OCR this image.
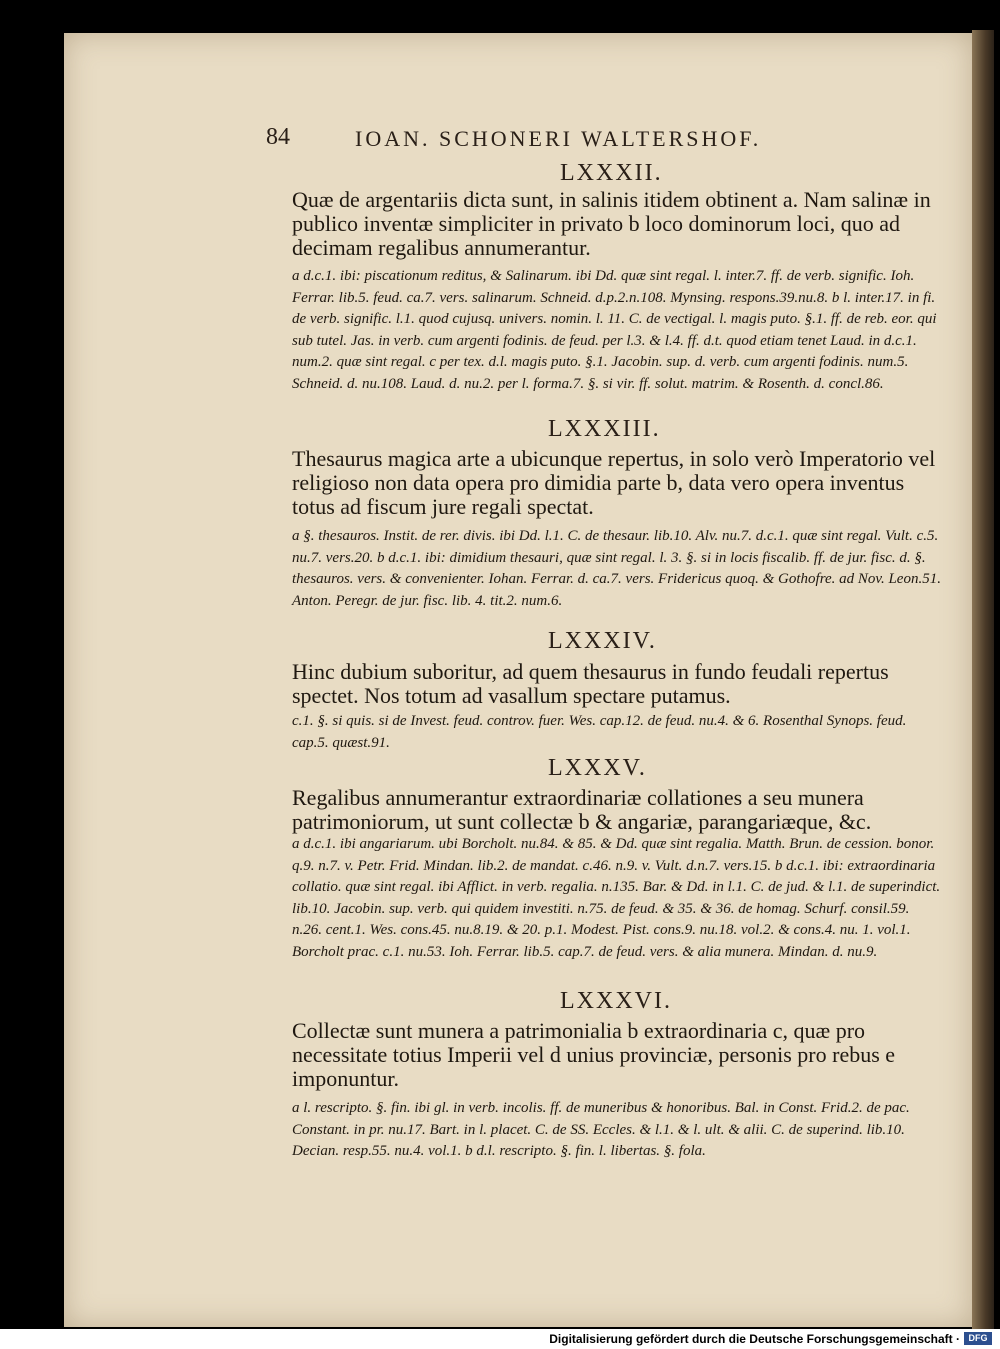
84	IOAN. SCHONERI WALTERSHOF.
LXXXII.
Quæ de argentariis dicta sunt, in salinis itidem obtinent a. Nam salinæ in publico inventæ simpliciter in privato b loco dominorum loci, quo ad decimam regalibus annumerantur.
a d.c.1. ibi: piscationum reditus, & Salinarum. ibi Dd. quæ sint regal. l. inter.7. ff. de verb. signific. Ioh. Ferrar. lib.5. feud. ca.7. vers. salinarum. Schneid. d.p.2.n.108. Mynsing. respons.39.nu.8. b l. inter.17. in fi. de verb. signific. l.1. quod cujusq. univers. nomin. l. 11. C. de vectigal. l. magis puto. §.1. ff. de reb. eor. qui sub tutel. Jas. in verb. cum argenti fodinis. de feud. per l.3. & l.4. ff. d.t. quod etiam tenet Laud. in d.c.1. num.2. quæ sint regal. c per tex. d.l. magis puto. §.1. Jacobin. sup. d. verb. cum argenti fodinis. num.5. Schneid. d. nu.108. Laud. d. nu.2. per l. forma.7. §. si vir. ff. solut. matrim. & Rosenth. d. concl.86.
LXXXIII.
Thesaurus magica arte a ubicunque repertus, in solo verò Imperatorio vel religioso non data opera pro dimidia parte b, data vero opera inventus totus ad fiscum jure regali spectat.
a §. thesauros. Instit. de rer. divis. ibi Dd. l.1. C. de thesaur. lib.10. Alv. nu.7. d.c.1. quæ sint regal. Vult. c.5. nu.7. vers.20. b d.c.1. ibi: dimidium thesauri, quæ sint regal. l. 3. §. si in locis fiscalib. ff. de jur. fisc. d. §. thesauros. vers. & convenienter. Iohan. Ferrar. d. ca.7. vers. Fridericus quoq. & Gothofre. ad Nov. Leon.51. Anton. Peregr. de jur. fisc. lib. 4. tit.2. num.6.
LXXXIV.
Hinc dubium suboritur, ad quem thesaurus in fundo feudali repertus spectet. Nos totum ad vasallum spectare putamus.
c.1. §. si quis. si de Invest. feud. controv. fuer. Wes. cap.12. de feud. nu.4. & 6. Rosenthal Synops. feud. cap.5. quæst.91.
LXXXV.
Regalibus annumerantur extraordinariæ collationes a seu munera patrimoniorum, ut sunt collectæ b & angariæ, parangariæque, &c.
a d.c.1. ibi angariarum. ubi Borcholt. nu.84. & 85. & Dd. quæ sint regalia. Matth. Brun. de cession. bonor. q.9. n.7. v. Petr. Frid. Mindan. lib.2. de mandat. c.46. n.9. v. Vult. d.n.7. vers.15. b d.c.1. ibi: extraordinaria collatio. quæ sint regal. ibi Afflict. in verb. regalia. n.135. Bar. & Dd. in l.1. C. de jud. & l.1. de superindict. lib.10. Jacobin. sup. verb. qui quidem investiti. n.75. de feud. & 35. & 36. de homag. Schurf. consil.59. n.26. cent.1. Wes. cons.45. nu.8.19. & 20. p.1. Modest. Pist. cons.9. nu.18. vol.2. & cons.4. nu. 1. vol.1. Borcholt prac. c.1. nu.53. Ioh. Ferrar. lib.5. cap.7. de feud. vers. & alia munera. Mindan. d. nu.9.
LXXXVI.
Collectæ sunt munera a patrimonialia b extraordinaria c, quæ pro necessitate totius Imperii vel d unius provinciæ, personis pro rebus e imponuntur.
a l. rescripto. §. fin. ibi gl. in verb. incolis. ff. de muneribus & honoribus. Bal. in Const. Frid.2. de pac. Constant. in pr. nu.17. Bart. in l. placet. C. de SS. Eccles. & l.1. & l. ult. & alii. C. de superind. lib.10. Decian. resp.55. nu.4. vol.1. b d.l. rescripto. §. fin. l. libertas. §. fola.
Digitalisierung gefördert durch die Deutsche Forschungsgemeinschaft · DFG
